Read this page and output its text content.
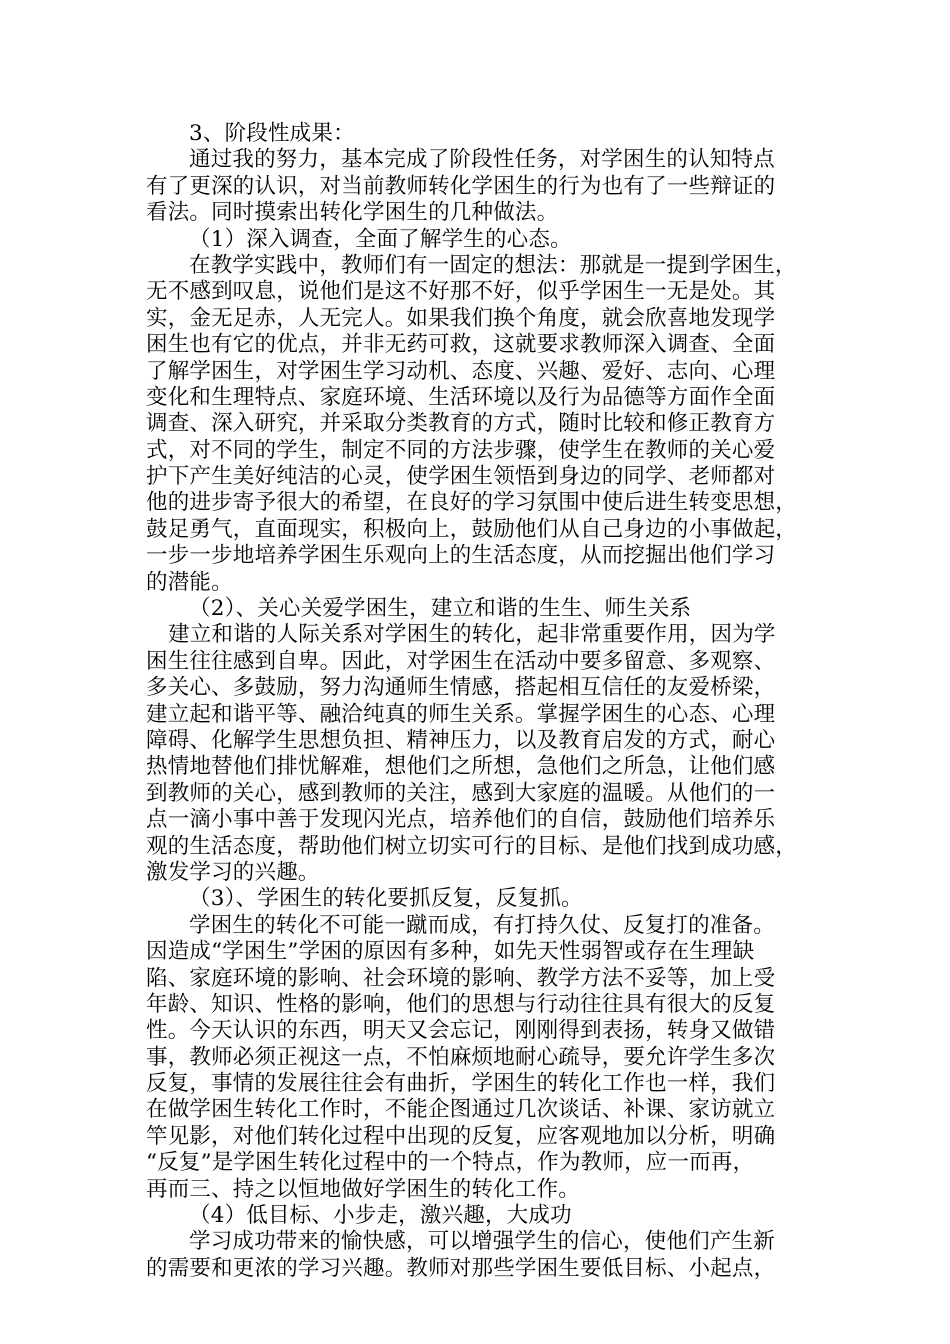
3、阶段性成果：
通过我的努力，基本完成了阶段性任务，对学困生的认知特点
有了更深的认识，对当前教师转化学困生的行为也有了一些辩证的
看法。同时摸索出转化学困生的几种做法。
（1）深入调查，全面了解学生的心态。
在教学实践中，教师们有一固定的想法：那就是一提到学困生，
无不感到叹息，说他们是这不好那不好，似乎学困生一无是处。其
实，金无足赤，人无完人。如果我们换个角度，就会欣喜地发现学
困生也有它的优点，并非无药可救，这就要求教师深入调查、全面
了解学困生，对学困生学习动机、态度、兴趣、爱好、志向、心理
变化和生理特点、家庭环境、生活环境以及行为品德等方面作全面
调查、深入研究，并采取分类教育的方式，随时比较和修正教育方
式，对不同的学生，制定不同的方法步骤，使学生在教师的关心爱
护下产生美好纯洁的心灵，使学困生领悟到身边的同学、老师都对
他的进步寄予很大的希望，在良好的学习氛围中使后进生转变思想，
鼓足勇气，直面现实，积极向上，鼓励他们从自己身边的小事做起，
一步一步地培养学困生乐观向上的生活态度，从而挖掘出他们学习
的潜能。
（2）、关心关爱学困生，建立和谐的生生、师生关系
建立和谐的人际关系对学困生的转化，起非常重要作用，因为学
困生往往感到自卑。因此，对学困生在活动中要多留意、多观察、
多关心、多鼓励，努力沟通师生情感，搭起相互信任的友爱桥梁，
建立起和谐平等、融洽纯真的师生关系。掌握学困生的心态、心理
障碍、化解学生思想负担、精神压力，以及教育启发的方式，耐心
热情地替他们排忧解难，想他们之所想，急他们之所急，让他们感
到教师的关心，感到教师的关注，感到大家庭的温暖。从他们的一
点一滴小事中善于发现闪光点，培养他们的自信，鼓励他们培养乐
观的生活态度，帮助他们树立切实可行的目标、是他们找到成功感，
激发学习的兴趣。
（3）、学困生的转化要抓反复，反复抓。
学困生的转化不可能一蹴而成，有打持久仗、反复打的准备。
因造成“学困生”学困的原因有多种，如先天性弱智或存在生理缺
陷、家庭环境的影响、社会环境的影响、教学方法不妥等，加上受
年龄、知识、性格的影响，他们的思想与行动往往具有很大的反复
性。今天认识的东西，明天又会忘记，刚刚得到表扬，转身又做错
事，教师必须正视这一点，不怕麻烦地耐心疏导，要允许学生多次
反复，事情的发展往往会有曲折，学困生的转化工作也一样，我们
在做学困生转化工作时，不能企图通过几次谈话、补课、家访就立
竿见影，对他们转化过程中出现的反复，应客观地加以分析，明确
“反复”是学困生转化过程中的一个特点，作为教师，应一而再，
再而三、持之以恒地做好学困生的转化工作。
（4）低目标、小步走，激兴趣，大成功
学习成功带来的愉快感，可以增强学生的信心，使他们产生新
的需要和更浓的学习兴趣。教师对那些学困生要低目标、小起点，
